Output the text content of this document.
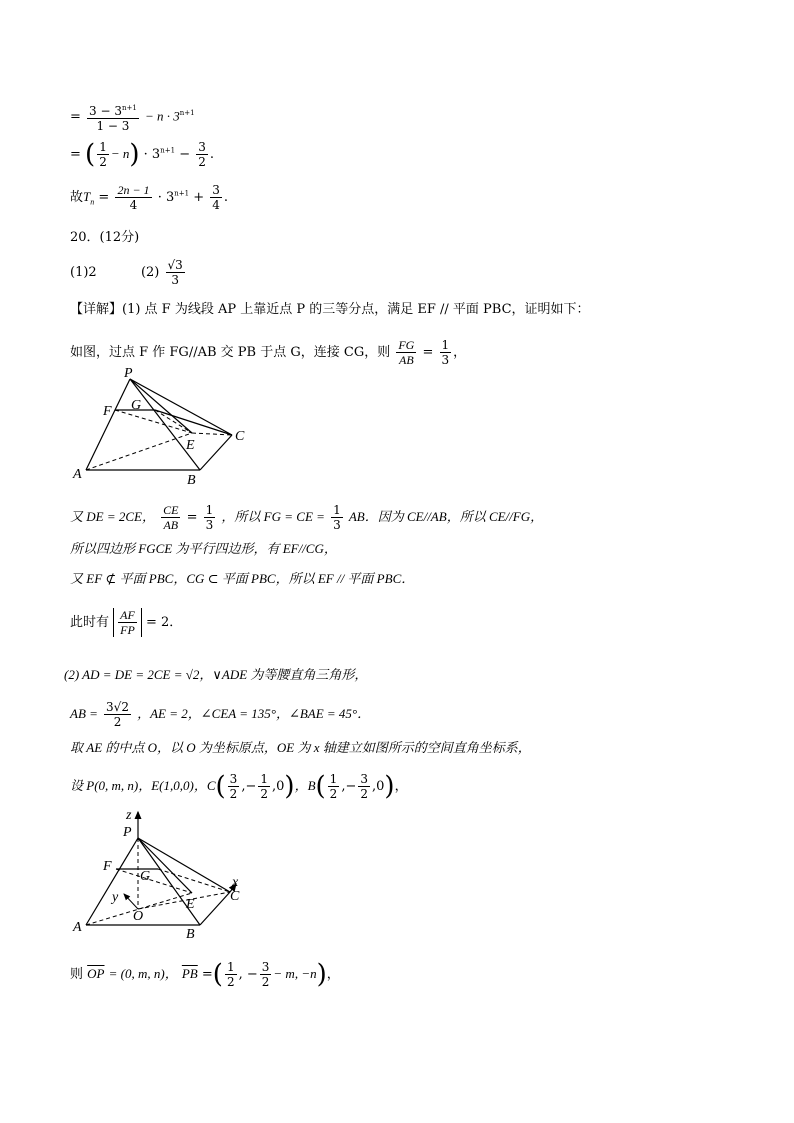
= $\frac{3 - 3^{n+1}}{1 - 3} - n \cdot 3^{n+1}$
= ( $\frac{1}{2} - n) \cdot 3^{n+1} - \frac{3}{2}$ .
故$T_n = \frac{2n - 1}{4} \cdot 3^{n+1} + \frac{3}{4}$ .
20．(12分)
(1)2	$(2) \frac{√3}{3}$
【详解】(1) 点 F 为线段 AP 上靠近点 P 的三等分点，满足 EF // 平面 PBC，证明如下：
如图，过点 F 作 FG//AB 交 PB 于点 G，连接 CG，则 $\frac{FG}{AB} = \frac{1}{3}$ ，
P
F G
C
E
A	B
又 DE = 2CE， $\frac{CE}{AB} = \frac{1}{3}$ ，所以 FG = CE = $\frac{1}{3}$ AB．因为 CE//AB，所以 CE//FG，
所以四边形 FGCE 为平行四边形，有 EF//CG，
又 EF ⊄ 平面 PBC，CG ⊂ 平面 PBC，所以 EF // 平面 PBC．
此时有 $\frac{AF}{FP} = 2$．
(2) AD = DE = 2CE = √2，∨ADE 为等腰直角三角形，
AB = $\frac{3√2}{2}$ ，AE = 2，∠CEA = 135°，∠BAE = 45°．
取 AE 的中点 O，以 O 为坐标原点，OE 为 x 轴建立如图所示的空间直角坐标系，
设 P(0, m, n)，E(1,0,0)，$C( \frac{3}{2}$ ,− $\frac{1}{2} ,0$)，$B( \frac{1}{2}$ ,− $\frac{3}{2} ,0$)，
z
P
F
G	x
C
y
O
E
A	B
则 $\overline{OP} = (0$, m, n)， $\overline{PB}$ =( $\frac{1}{2}$ , − $\frac{3}{2} - m$, −n)，
